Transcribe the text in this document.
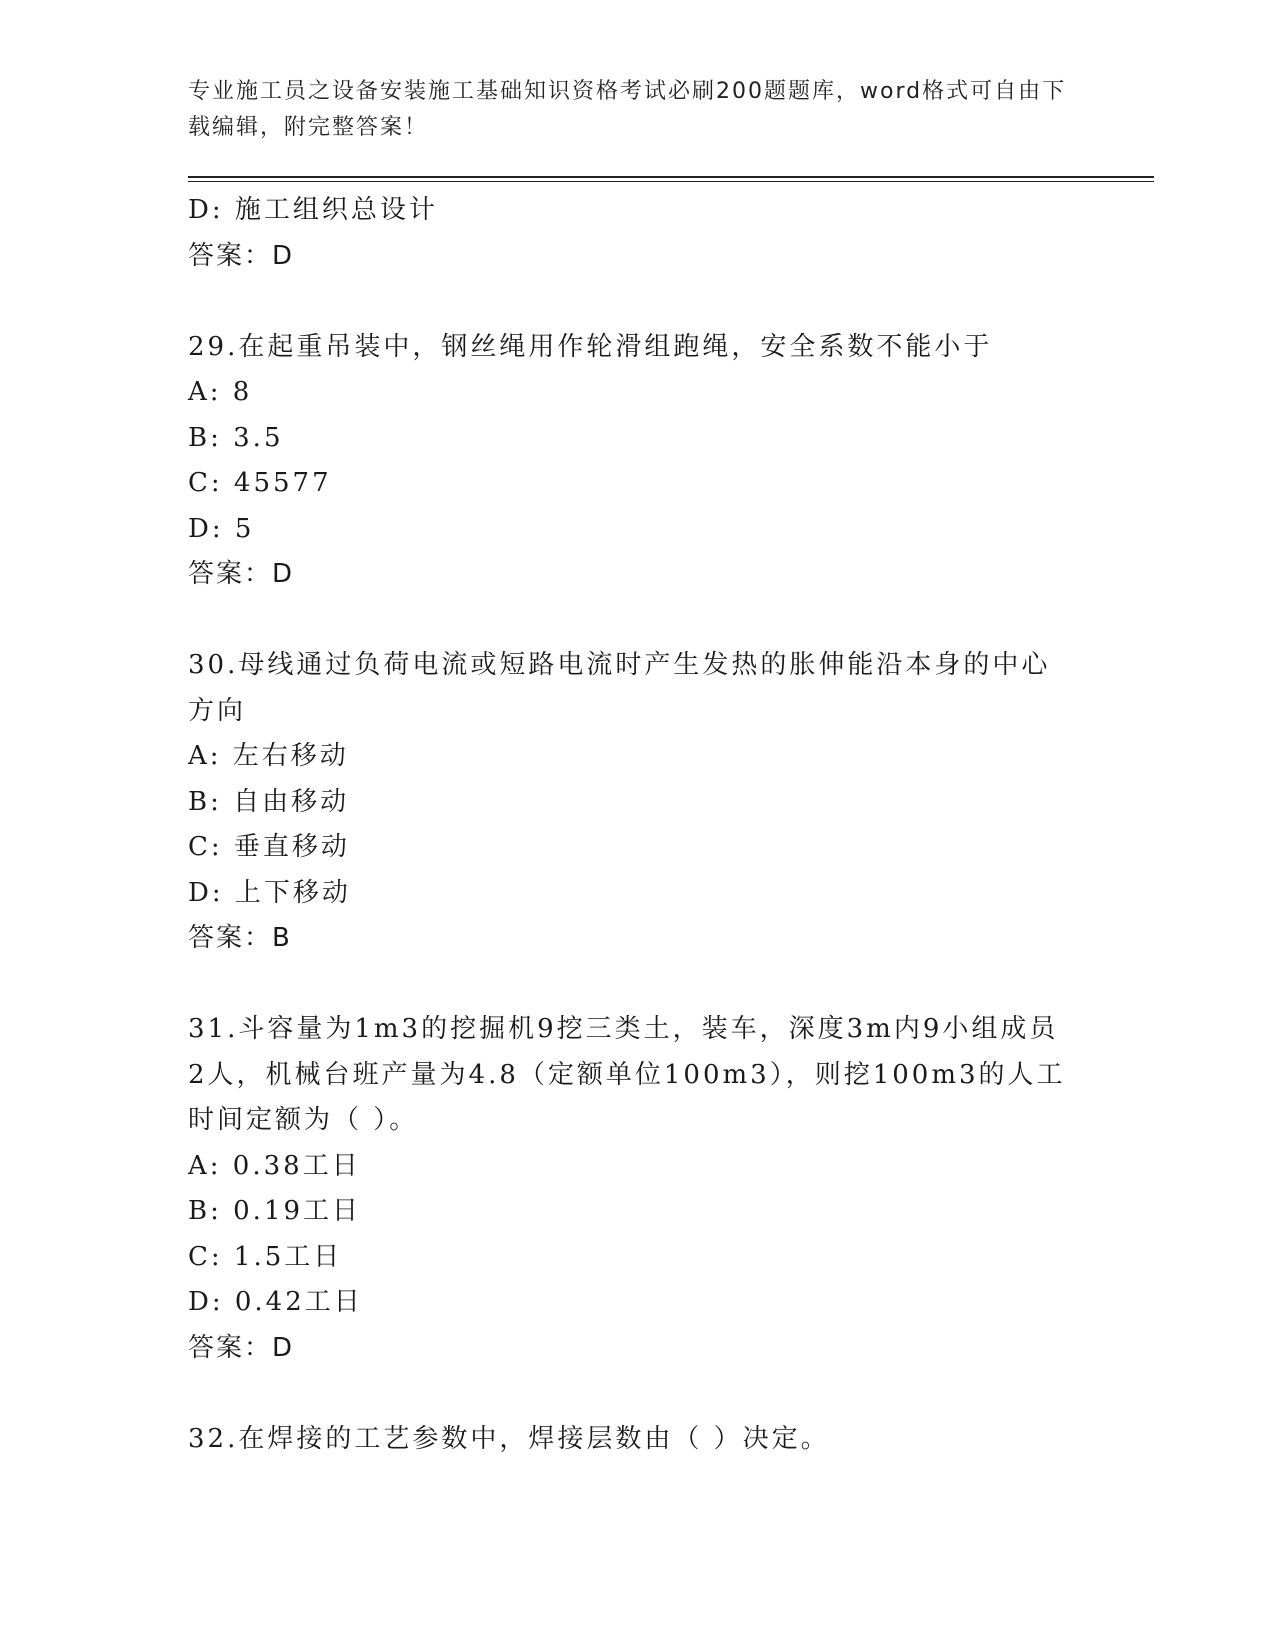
专业施工员之设备安装施工基础知识资格考试必刷200题题库，word格式可自由下载编辑，附完整答案！
D: 施工组织总设计
答案：D
29.在起重吊装中，钢丝绳用作轮滑组跑绳，安全系数不能小于
A: 8
B: 3.5
C: 45577
D: 5
答案：D
30.母线通过负荷电流或短路电流时产生发热的胀伸能沿本身的中心方向
A: 左右移动
B: 自由移动
C: 垂直移动
D: 上下移动
答案：B
31.斗容量为1m3的挖掘机9挖三类土，装车，深度3m内9小组成员2人，机械台班产量为4.8（定额单位100m3），则挖100m3的人工时间定额为（ ）。
A: 0.38工日
B: 0.19工日
C: 1.5工日
D: 0.42工日
答案：D
32.在焊接的工艺参数中，焊接层数由（ ）决定。
